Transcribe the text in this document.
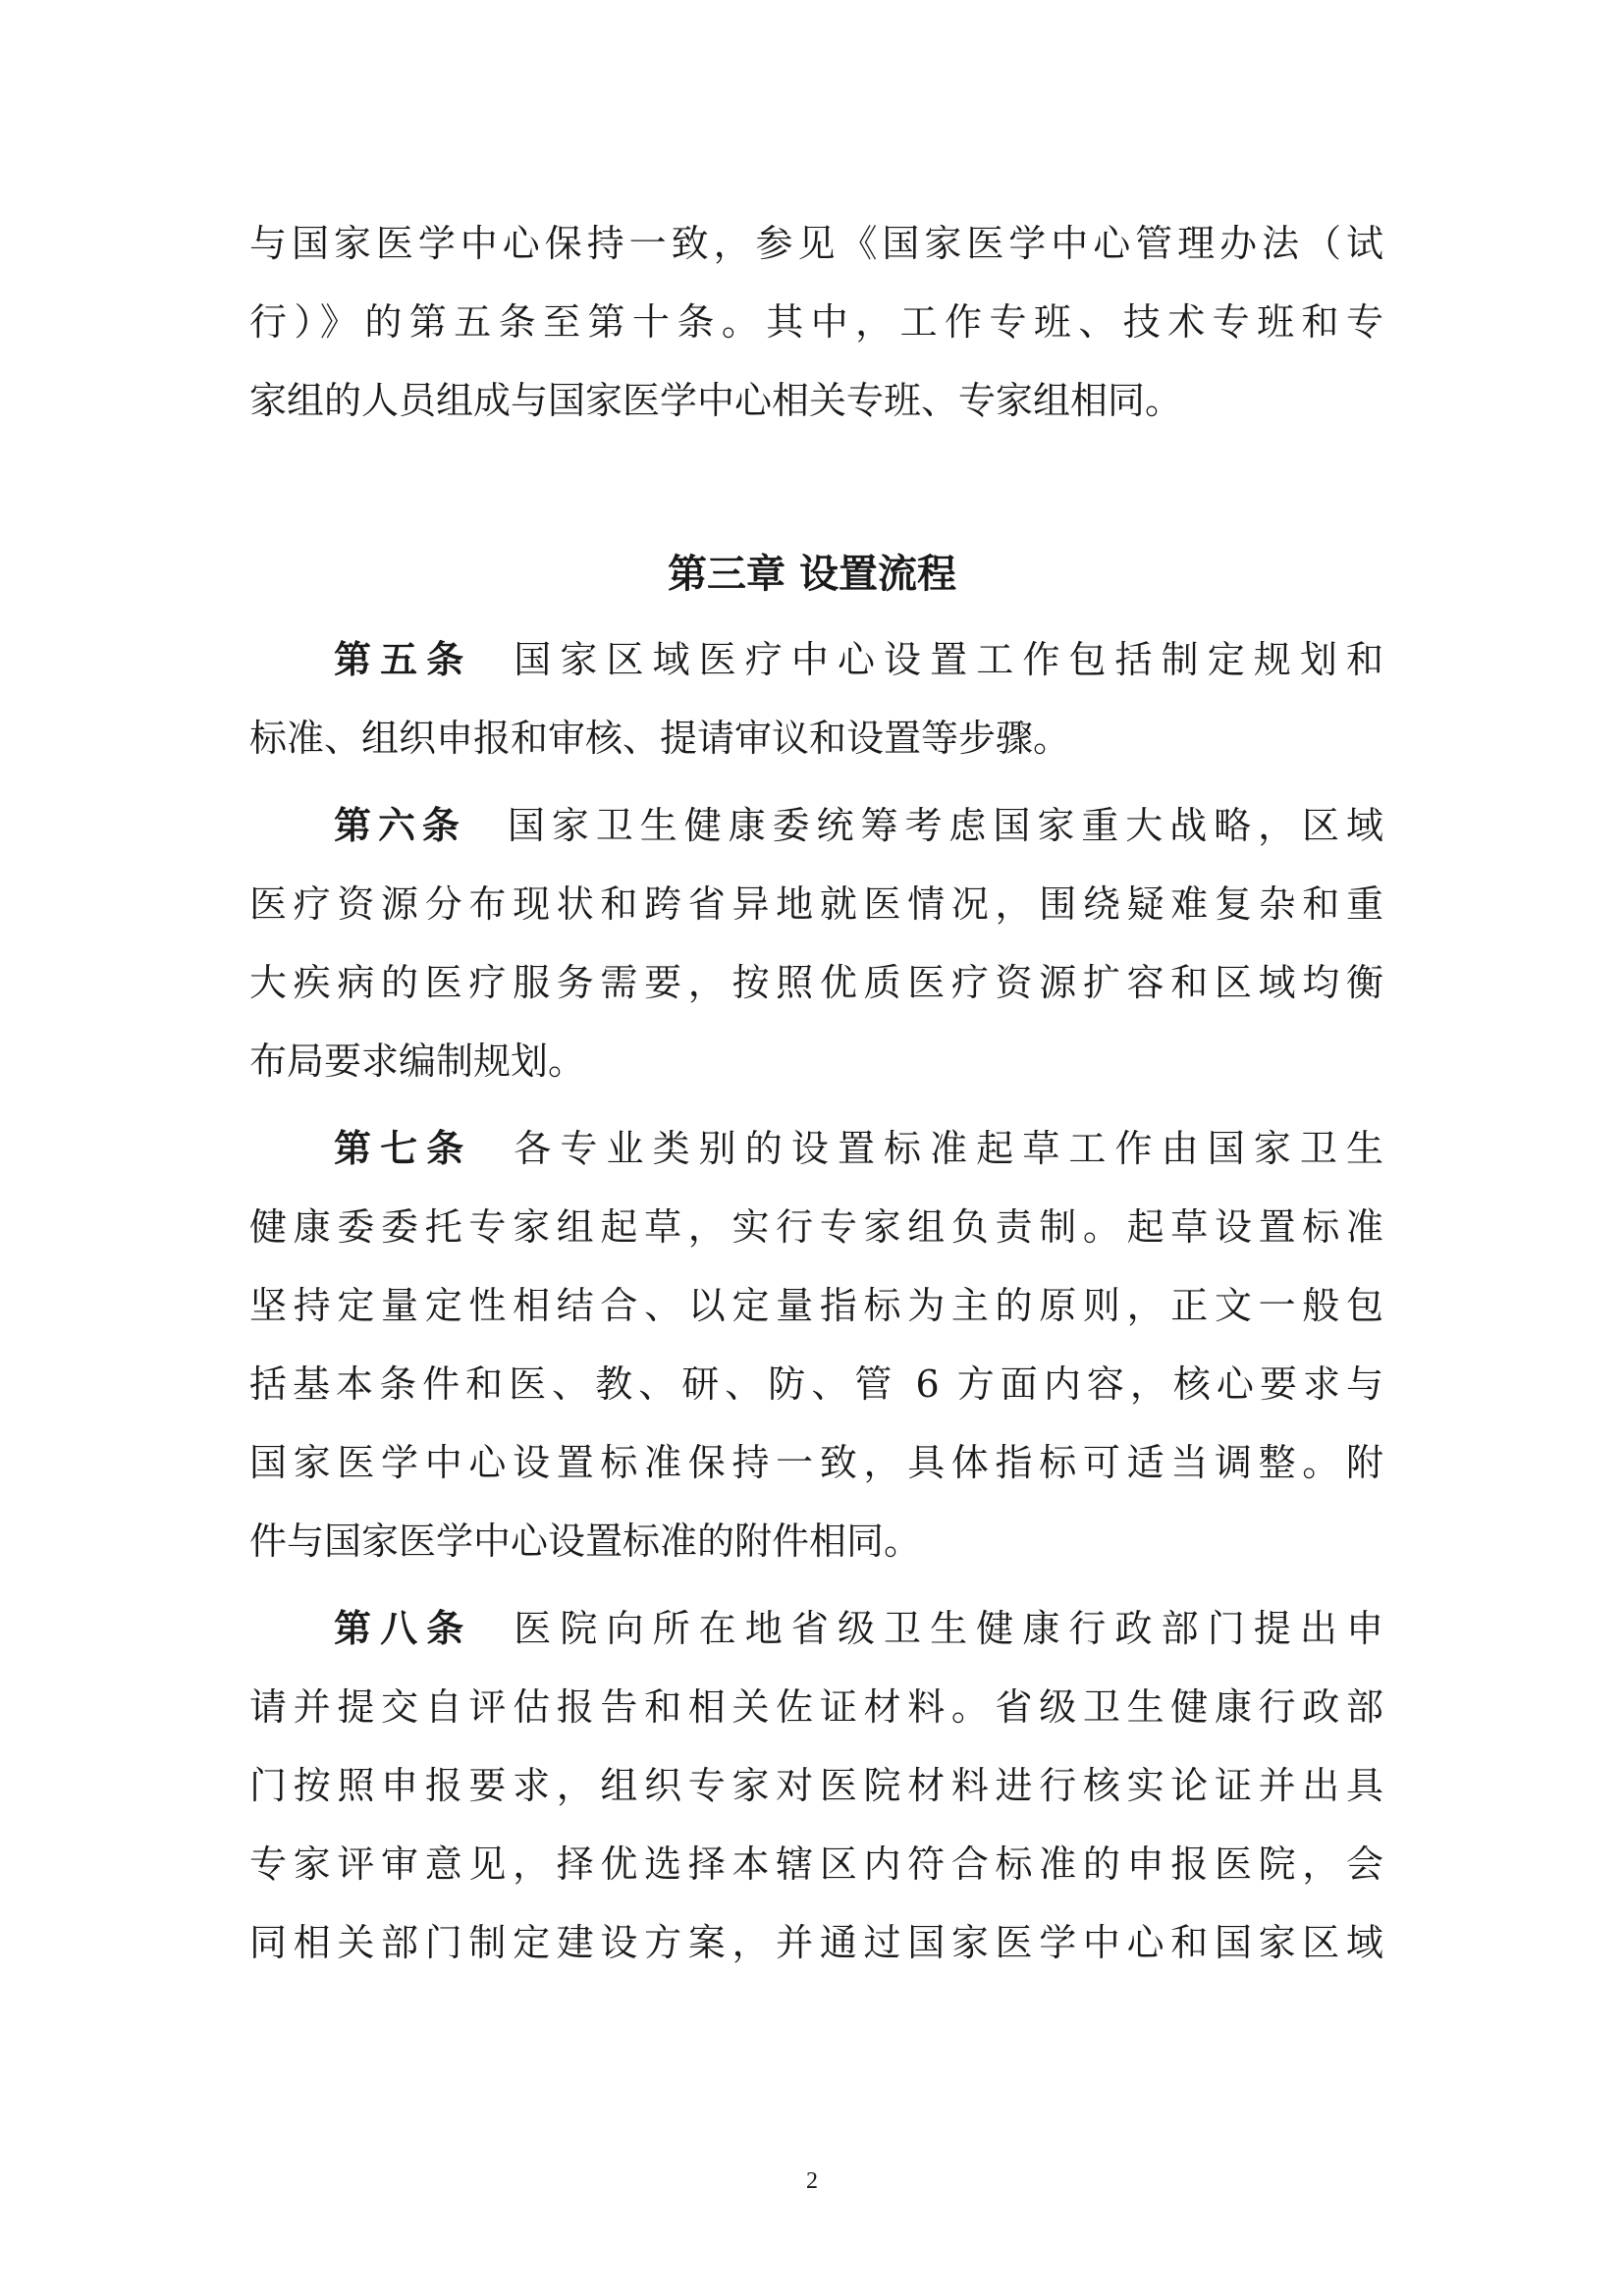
与国家医学中心保持一致，参见《国家医学中心管理办法（试
行）》的第五条至第十条。其中，工作专班、技术专班和专
家组的人员组成与国家医学中心相关专班、专家组相同。
第三章 设置流程
第五条 国家区域医疗中心设置工作包括制定规划和
标准、组织申报和审核、提请审议和设置等步骤。
第六条 国家卫生健康委统筹考虑国家重大战略，区域
医疗资源分布现状和跨省异地就医情况，围绕疑难复杂和重
大疾病的医疗服务需要，按照优质医疗资源扩容和区域均衡
布局要求编制规划。
第七条 各专业类别的设置标准起草工作由国家卫生
健康委委托专家组起草，实行专家组负责制。起草设置标准
坚持定量定性相结合、以定量指标为主的原则，正文一般包
括基本条件和医、教、研、防、管 6 方面内容，核心要求与
国家医学中心设置标准保持一致，具体指标可适当调整。附
件与国家医学中心设置标准的附件相同。
第八条 医院向所在地省级卫生健康行政部门提出申
请并提交自评估报告和相关佐证材料。省级卫生健康行政部
门按照申报要求，组织专家对医院材料进行核实论证并出具
专家评审意见，择优选择本辖区内符合标准的申报医院，会
同相关部门制定建设方案，并通过国家医学中心和国家区域
2
